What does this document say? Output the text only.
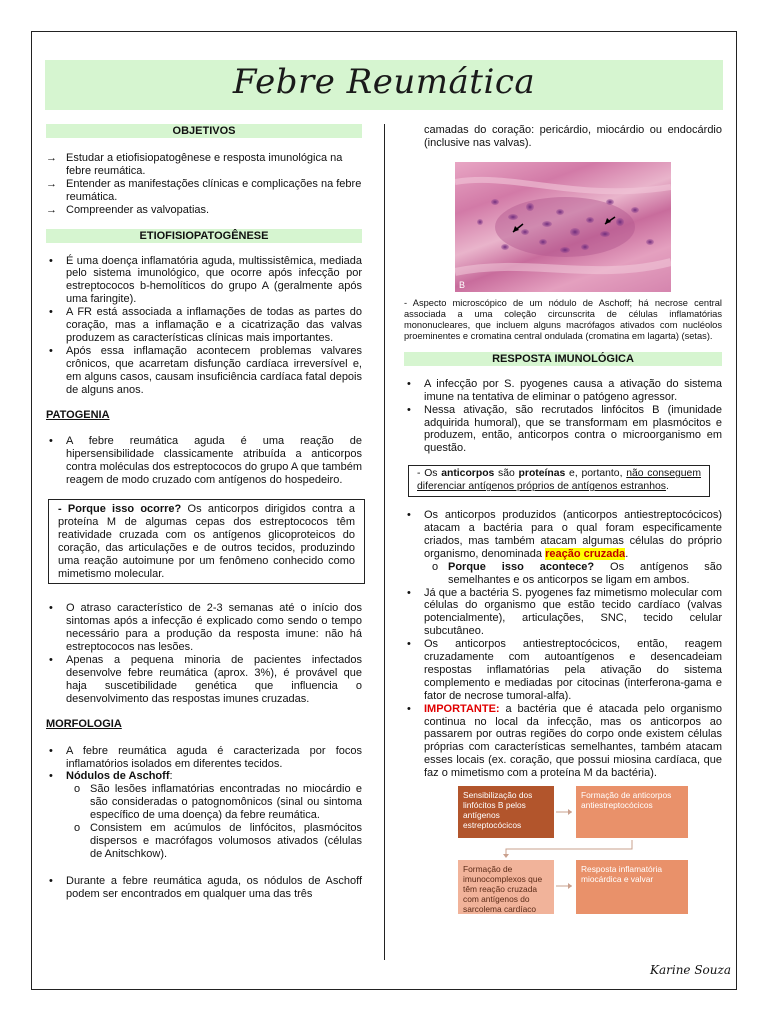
Febre Reumática
OBJETIVOS
→ Estudar a etiofisiopatogênese e resposta imunológica na febre reumática.
→ Entender as manifestações clínicas e complicações na febre reumática.
→ Compreender as valvopatias.
ETIOFISIOPATOGÊNESE
• É uma doença inflamatória aguda, multissistêmica, mediada pelo sistema imunológico, que ocorre após infecção por estreptococos b-hemolíticos do grupo A (geralmente após uma faringite).
• A FR está associada a inflamações de todas as partes do coração, mas a inflamação e a cicatrização das valvas produzem as características clínicas mais importantes.
• Após essa inflamação acontecem problemas valvares crônicos, que acarretam disfunção cardíaca irreversível e, em alguns casos, causam insuficiência cardíaca fatal depois de alguns anos.
PATOGENIA
• A febre reumática aguda é uma reação de hipersensibilidade classicamente atribuída a anticorpos contra moléculas dos estreptococos do grupo A que também reagem de modo cruzado com antígenos do hospedeiro.
- Porque isso ocorre? Os anticorpos dirigidos contra a proteína M de algumas cepas dos estreptococos têm reatividade cruzada com os antígenos glicoproteicos do coração, das articulações e de outros tecidos, produzindo uma reação autoimune por um fenômeno conhecido como mimetismo molecular.
• O atraso característico de 2-3 semanas até o início dos sintomas após a infecção é explicado como sendo o tempo necessário para a produção da resposta imune: não há estreptococos nas lesões.
• Apenas a pequena minoria de pacientes infectados desenvolve febre reumática (aprox. 3%), é provável que haja suscetibilidade genética que influencia o desenvolvimento das respostas imunes cruzadas.
MORFOLOGIA
• A febre reumática aguda é caracterizada por focos inflamatórios isolados em diferentes tecidos.
• Nódulos de Aschoff:
o São lesões inflamatórias encontradas no miocárdio e são consideradas o patognomônicos (sinal ou sintoma específico de uma doença) da febre reumática.
o Consistem em acúmulos de linfócitos, plasmócitos dispersos e macrófagos volumosos ativados (células de Anitschkow).
• Durante a febre reumática aguda, os nódulos de Aschoff podem ser encontrados em qualquer uma das três
camadas do coração: pericárdio, miocárdio ou endocárdio (inclusive nas valvas).
B
- Aspecto microscópico de um nódulo de Aschoff; há necrose central associada a uma coleção circunscrita de células inflamatórias mononucleares, que incluem alguns macrófagos ativados com nucléolos proeminentes e cromatina central ondulada (cromatina em lagarta) (setas).
RESPOSTA IMUNOLÓGICA
• A infecção por S. pyogenes causa a ativação do sistema imune na tentativa de eliminar o patógeno agressor.
• Nessa ativação, são recrutados linfócitos B (imunidade adquirida humoral), que se transformam em plasmócitos e produzem, então, anticorpos contra o microorganismo em questão.
- Os anticorpos são proteínas e, portanto, não conseguem diferenciar antígenos próprios de antígenos estranhos.
• Os anticorpos produzidos (anticorpos antiestreptocócicos) atacam a bactéria para o qual foram especificamente criados, mas também atacam algumas células do próprio organismo, denominada reação cruzada.
o Porque isso acontece? Os antígenos são semelhantes e os anticorpos se ligam em ambos.
• Já que a bactéria S. pyogenes faz mimetismo molecular com células do organismo que estão tecido cardíaco (valvas potencialmente), articulações, SNC, tecido celular subcutâneo.
• Os anticorpos antiestreptocócicos, então, reagem cruzadamente com autoantígenos e desencadeiam respostas inflamatórias pela ativação do sistema complemento e mediadas por citocinas (interferona-gama e fator de necrose tumoral-alfa).
• IMPORTANTE: a bactéria que é atacada pelo organismo continua no local da infecção, mas os anticorpos ao passarem por outras regiões do corpo onde existem células próprias com características semelhantes, também atacam esses locais (ex. coração, que possui miosina cardíaca, que faz o mimetismo com a proteína M da bactéria).
Sensibilização dos linfócitos B pelos antígenos estreptocócicos
Formação de anticorpos antiestreptocócicos
Formação de imunocomplexos que têm reação cruzada com antígenos do sarcolema cardíaco
Resposta inflamatória miocárdica e valvar
Karine Souza
